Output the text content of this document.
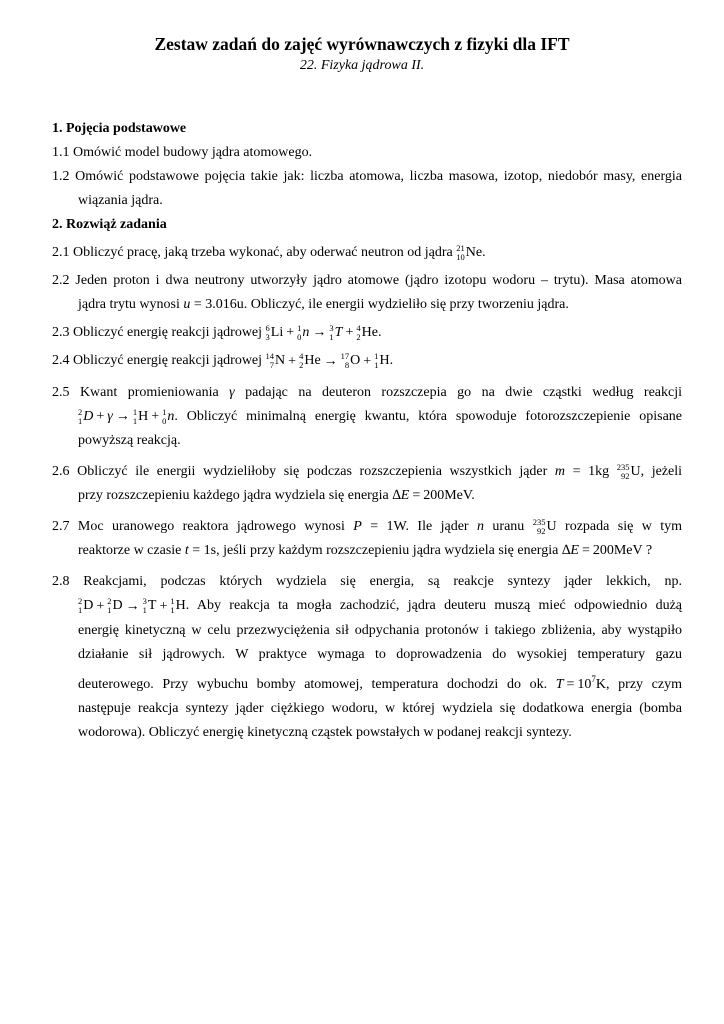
Zestaw zadań do zajęć wyrównawczych z fizyki dla IFT

22. Fizyka jądrowa II.

1. Pojęcia podstawowe

1.1 Omówić model budowy jądra atomowego.

1.2 Omówić podstawowe pojęcia takie jak: liczba atomowa, liczba masowa, izotop, niedobór masy, energia

wiązania jądra.

2. Rozwiąż zadania

2.1 Obliczyć pracę, jaką trzeba wykonać, aby oderwać neutron od jądra 21
10 Ne .

2.2 Jeden proton i dwa neutrony utworzyły jądro atomowe (jądro izotopu wodoru – trytu). Masa atomowa

jądra trytu wynosi u = 3.016u. Obliczyć, ile energii wydzieliło się przy tworzeniu jądra.

2.3 Obliczyć energię reakcji jądrowej 6
3 Li + 1
0 n → 3
1 T + 4
2 He .

2.4 Obliczyć energię reakcji jądrowej 14
7 N + 4
2 He → 17
8 O + 1
1 H .

2.5 Kwant promieniowania γ padając na deuteron rozszczepia go na dwie cząstki według reakcji

2
1 D + γ → 1
1 H + 1
0 n . Obliczyć minimalną energię kwantu, która spowoduje fotorozszczepienie opisane

powyższą reakcją.

2.6 Obliczyć ile energii wydzieliłoby się podczas rozszczepienia wszystkich jąder m = 1kg 235
92 U , jeżeli

przy rozszczepieniu każdego jądra wydziela się energia ∆E = 200MeV.

2.7 Moc uranowego reaktora jądrowego wynosi P = 1W. Ile jąder n uranu 235
92 U rozpada się w tym

reaktorze w czasie t = 1s, jeśli przy każdym rozszczepieniu jądra wydziela się energia ∆E = 200MeV ?

2.8 Reakcjami, podczas których wydziela się energia, są reakcje syntezy jąder lekkich, np.

2
1 D + 2
1 D → 3
1 T + 1
1 H . Aby reakcja ta mogła zachodzić, jądra deuteru muszą mieć odpowiednio dużą

energię kinetyczną w celu przezwyciężenia sił odpychania protonów i takiego zbliżenia, aby wystąpiło

działanie sił jądrowych. W praktyce wymaga to doprowadzenia do wysokiej temperatury gazu

deuterowego. Przy wybuchu bomby atomowej, temperatura dochodzi do ok. $T = 10^7K$, przy czym

następuje reakcja syntezy jąder ciężkiego wodoru, w której wydziela się dodatkowa energia (bomba

wodorowa). Obliczyć energię kinetyczną cząstek powstałych w podanej reakcji syntezy.
